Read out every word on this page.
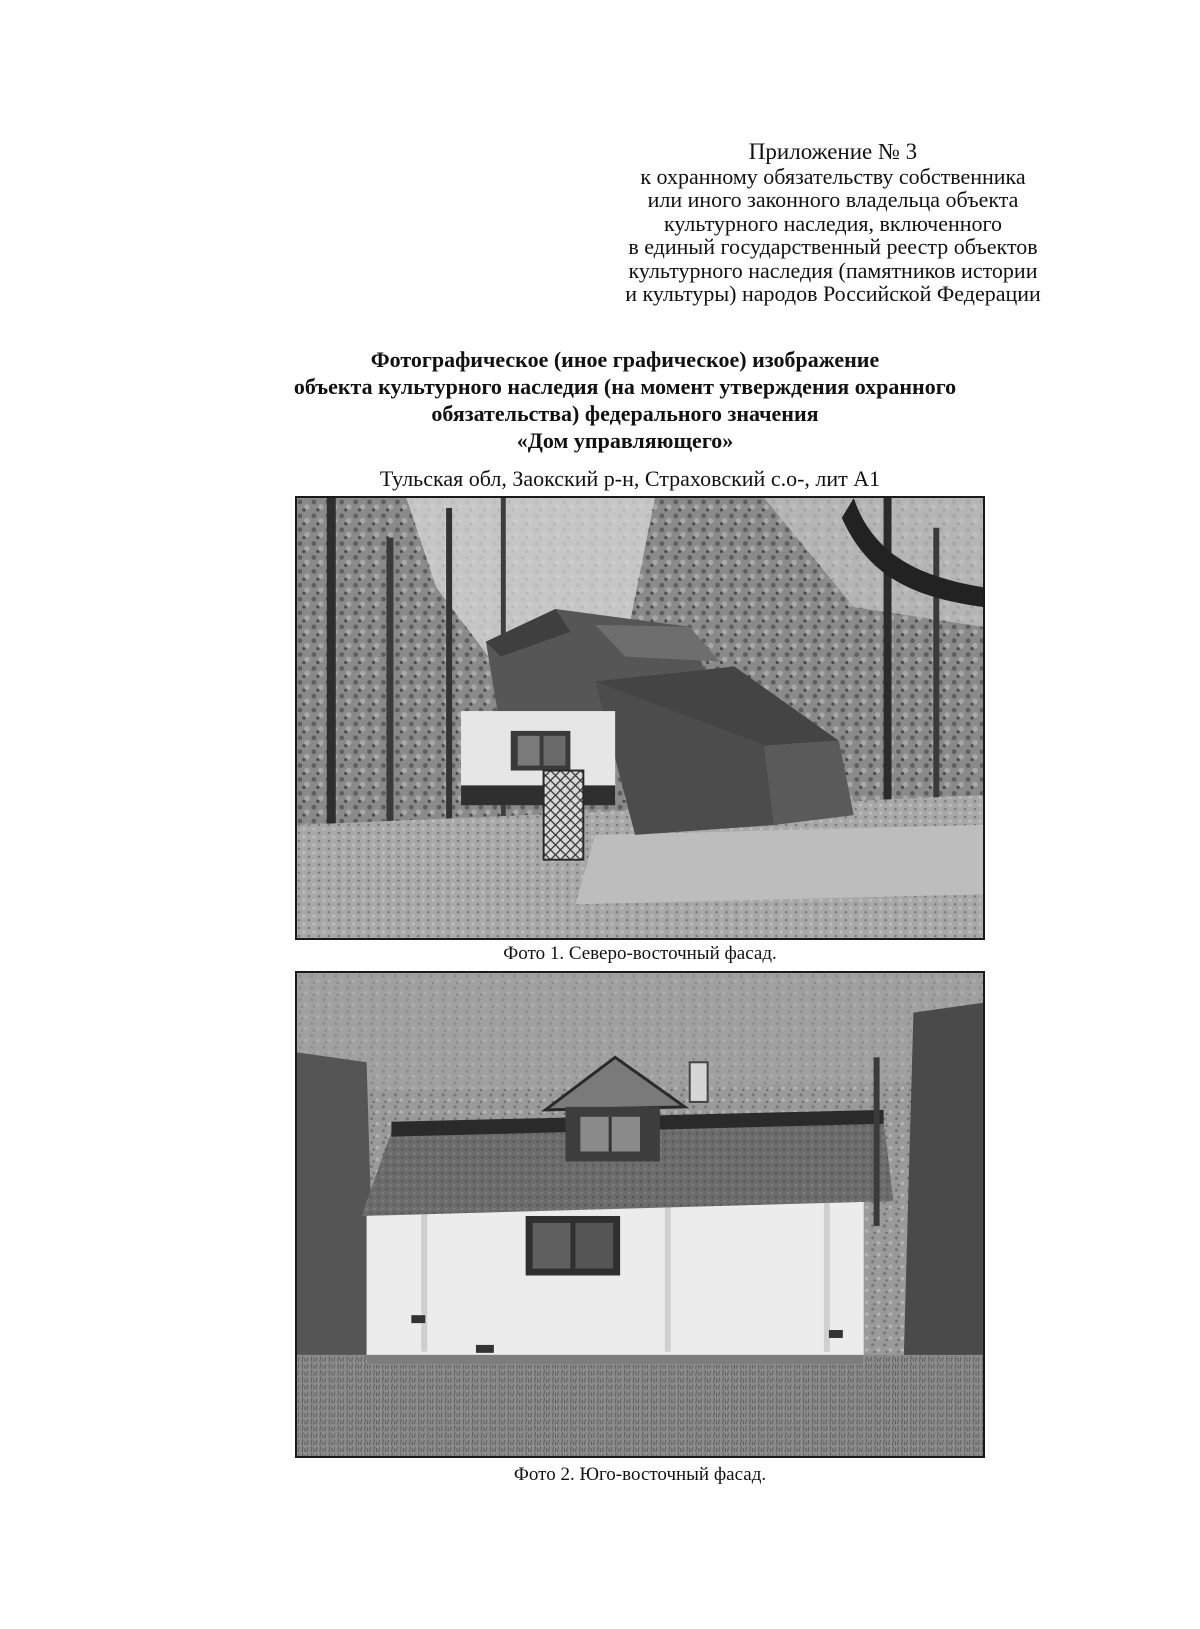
Приложение № 3
к охранному обязательству собственника
или иного законного владельца объекта
культурного наследия, включенного
в единый государственный реестр объектов
культурного наследия (памятников истории
и культуры) народов Российской Федерации
Фотографическое (иное графическое) изображение
объекта культурного наследия (на момент утверждения охранного
обязательства) федерального значения
«Дом управляющего»
Тульская обл, Заокский р-н, Страховский с.о-, лит А1
Фото 1. Северо-восточный фасад.
Фото 2. Юго-восточный фасад.
